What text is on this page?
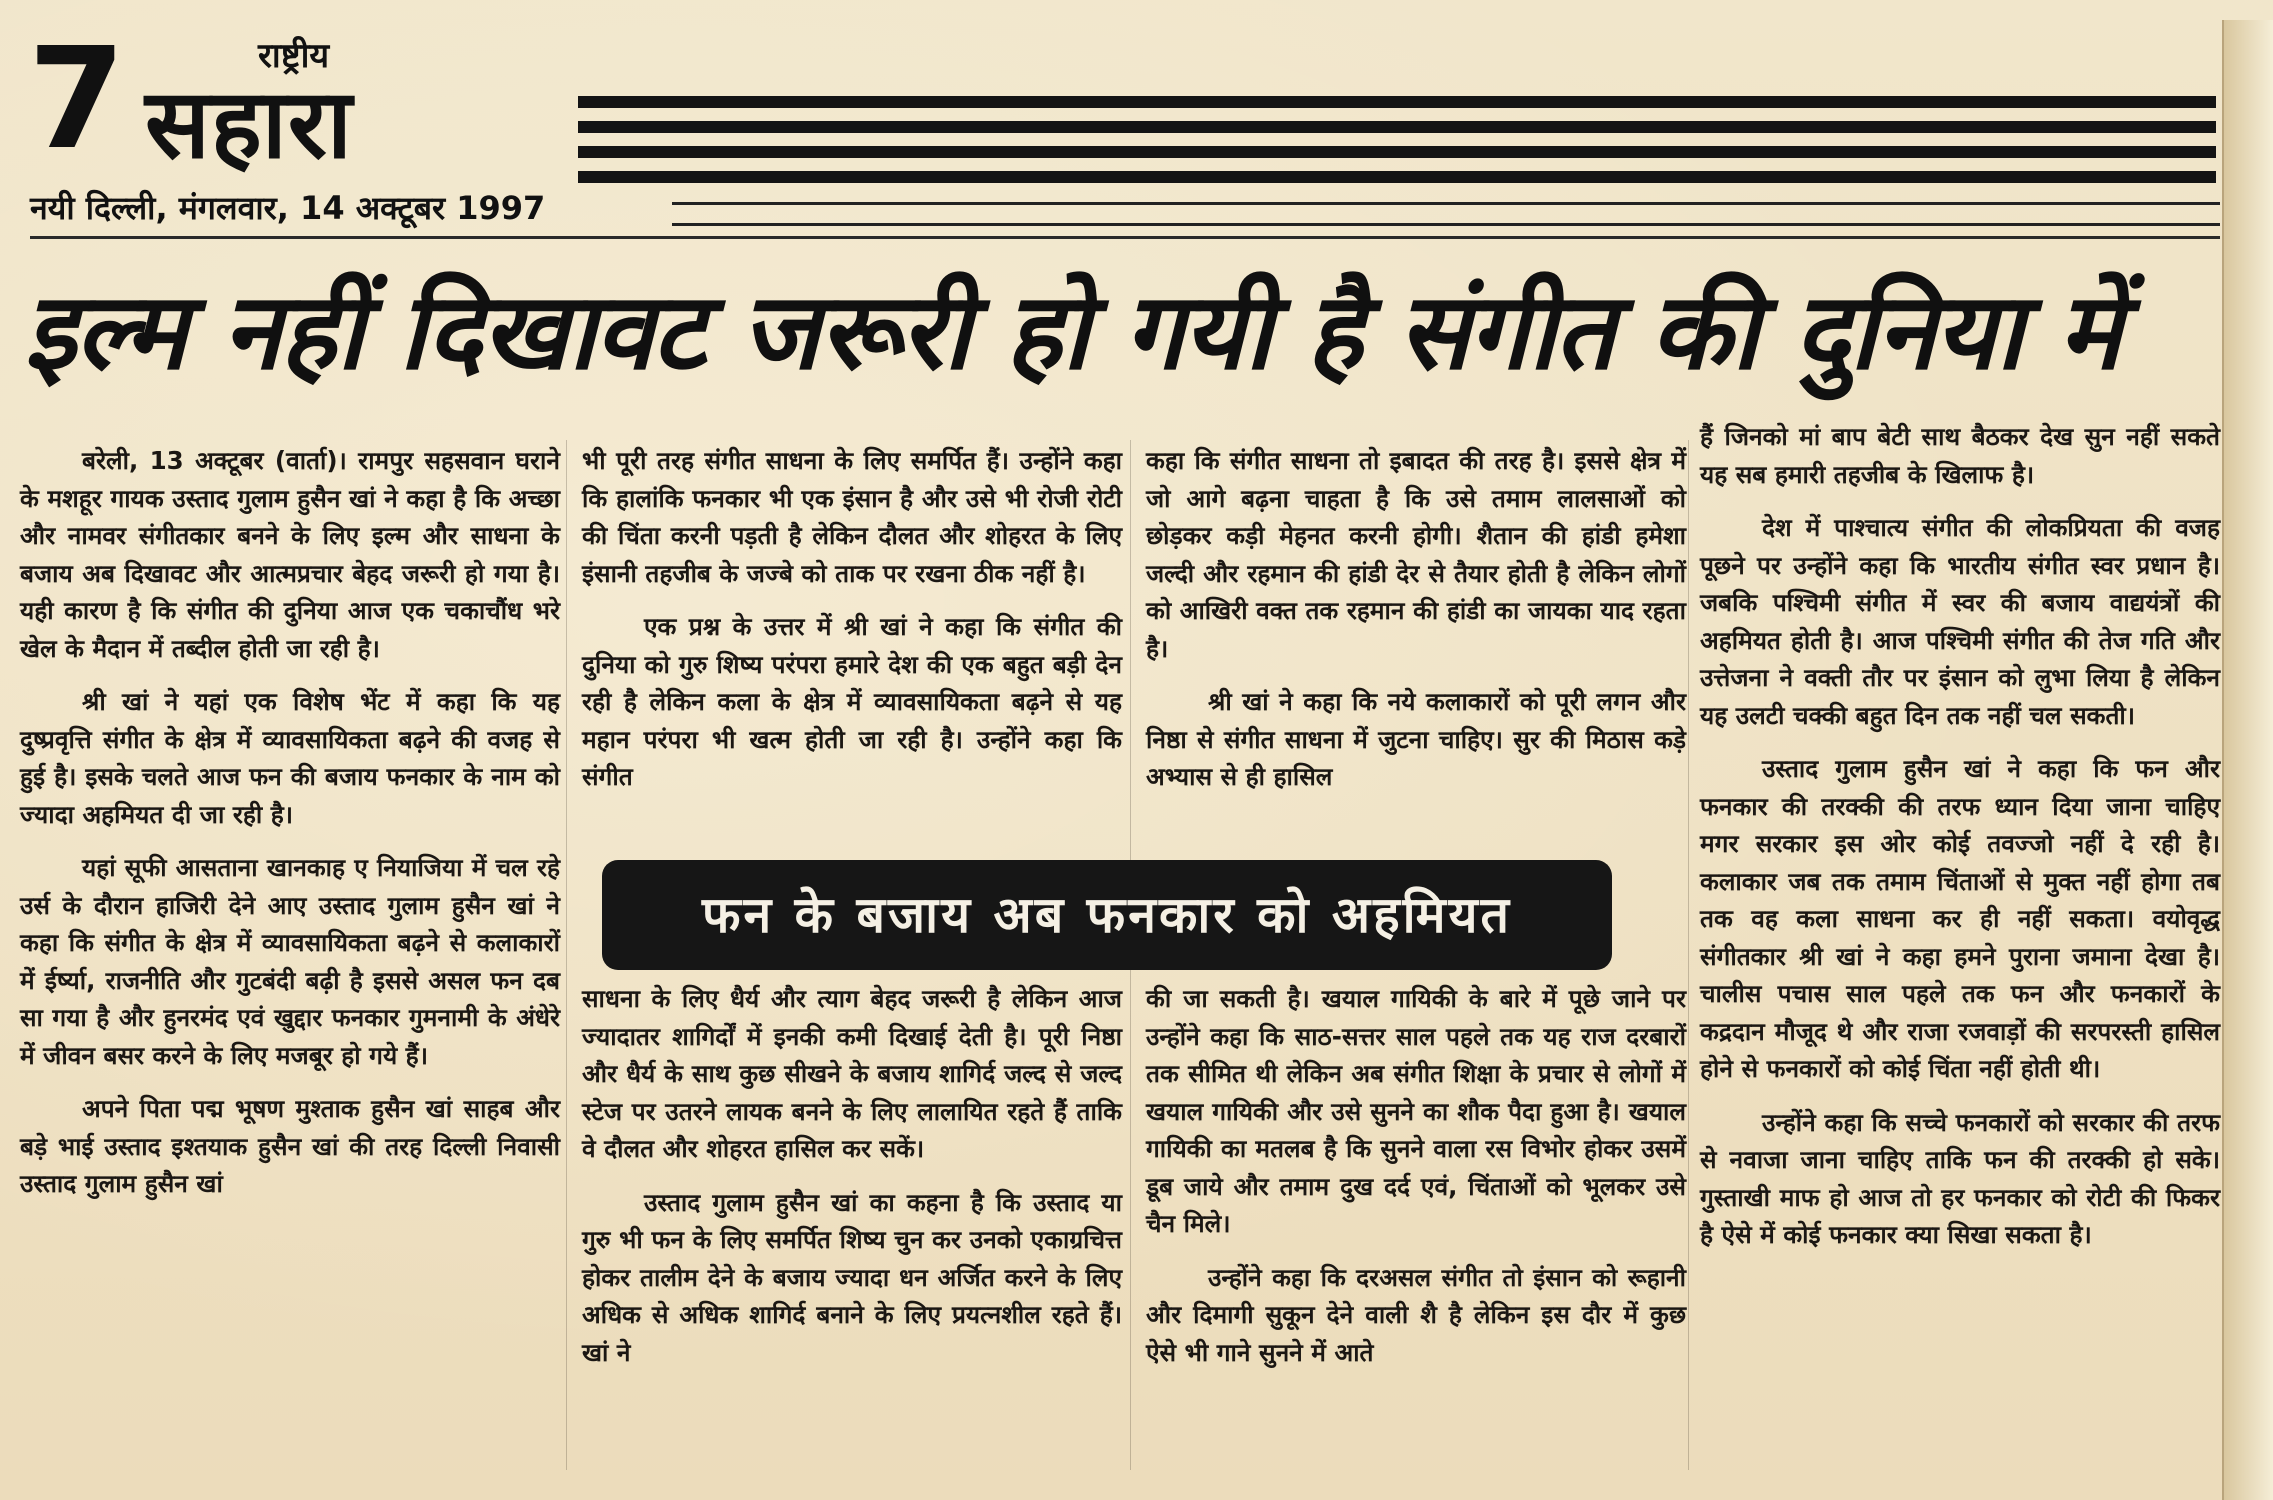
7	राष्ट्रीय
सहारा
नयी दिल्ली, मंगलवार, 14 अक्टूबर 1997
इल्म नहीं दिखावट जरूरी हो गयी है संगीत की दुनिया में

बरेली, 13 अक्टूबर (वार्ता)। रामपुर सहसवान घराने के मशहूर गायक उस्ताद गुलाम हुसैन खां ने कहा है कि अच्छा और नामवर संगीतकार बनने के लिए इल्म और साधना के बजाय अब दिखावट और आत्मप्रचार बेहद जरूरी हो गया है। यही कारण है कि संगीत की दुनिया आज एक चकाचौंध भरे खेल के मैदान में तब्दील होती जा रही है।

श्री खां ने यहां एक विशेष भेंट में कहा कि यह दुष्प्रवृत्ति संगीत के क्षेत्र में व्यावसायिकता बढ़ने की वजह से हुई है। इसके चलते आज फन की बजाय फनकार के नाम को ज्यादा अहमियत दी जा रही है।

यहां सूफी आसताना खानकाह ए नियाजिया में चल रहे उर्स के दौरान हाजिरी देने आए उस्ताद गुलाम हुसैन खां ने कहा कि संगीत के क्षेत्र में व्यावसायिकता बढ़ने से कलाकारों में ईर्ष्या, राजनीति और गुटबंदी बढ़ी है इससे असल फन दब सा गया है और हुनरमंद एवं खुद्दार फनकार गुमनामी के अंधेरे में जीवन बसर करने के लिए मजबूर हो गये हैं।

अपने पिता पद्म भूषण मुश्ताक हुसैन खां साहब और बड़े भाई उस्ताद इश्तयाक हुसैन खां की तरह दिल्ली निवासी उस्ताद गुलाम हुसैन खां

भी पूरी तरह संगीत साधना के लिए समर्पित हैं। उन्होंने कहा कि हालांकि फनकार भी एक इंसान है और उसे भी रोजी रोटी की चिंता करनी पड़ती है लेकिन दौलत और शोहरत के लिए इंसानी तहजीब के जज्बे को ताक पर रखना ठीक नहीं है।

एक प्रश्न के उत्तर में श्री खां ने कहा कि संगीत की दुनिया को गुरु शिष्य परंपरा हमारे देश की एक बहुत बड़ी देन रही है लेकिन कला के क्षेत्र में व्यावसायिकता बढ़ने से यह महान परंपरा भी खत्म होती जा रही है। उन्होंने कहा कि संगीत

साधना के लिए धैर्य और त्याग बेहद जरूरी है लेकिन आज ज्यादातर शागिर्दों में इनकी कमी दिखाई देती है। पूरी निष्ठा और धैर्य के साथ कुछ सीखने के बजाय शागिर्द जल्द से जल्द स्टेज पर उतरने लायक बनने के लिए लालायित रहते हैं ताकि वे दौलत और शोहरत हासिल कर सकें।

उस्ताद गुलाम हुसैन खां का कहना है कि उस्ताद या गुरु भी फन के लिए समर्पित शिष्य चुन कर उनको एकाग्रचित्त होकर तालीम देने के बजाय ज्यादा धन अर्जित करने के लिए अधिक से अधिक शागिर्द बनाने के लिए प्रयत्नशील रहते हैं। खां ने

कहा कि संगीत साधना तो इबादत की तरह है। इससे क्षेत्र में जो आगे बढ़ना चाहता है कि उसे तमाम लालसाओं को छोड़कर कड़ी मेहनत करनी होगी। शैतान की हांडी हमेशा जल्दी और रहमान की हांडी देर से तैयार होती है लेकिन लोगों को आखिरी वक्त तक रहमान की हांडी का जायका याद रहता है।

श्री खां ने कहा कि नये कलाकारों को पूरी लगन और निष्ठा से संगीत साधना में जुटना चाहिए। सुर की मिठास कड़े अभ्यास से ही हासिल

की जा सकती है। खयाल गायिकी के बारे में पूछे जाने पर उन्होंने कहा कि साठ-सत्तर साल पहले तक यह राज दरबारों तक सीमित थी लेकिन अब संगीत शिक्षा के प्रचार से लोगों में खयाल गायिकी और उसे सुनने का शौक पैदा हुआ है। खयाल गायिकी का मतलब है कि सुनने वाला रस विभोर होकर उसमें डूब जाये और तमाम दुख दर्द एवं, चिंताओं को भूलकर उसे चैन मिले।

उन्होंने कहा कि दरअसल संगीत तो इंसान को रूहानी और दिमागी सुकून देने वाली शै है लेकिन इस दौर में कुछ ऐसे भी गाने सुनने में आते

हैं जिनको मां बाप बेटी साथ बैठकर देख सुन नहीं सकते यह सब हमारी तहजीब के खिलाफ है।

देश में पाश्चात्य संगीत की लोकप्रियता की वजह पूछने पर उन्होंने कहा कि भारतीय संगीत स्वर प्रधान है। जबकि पश्चिमी संगीत में स्वर की बजाय वाद्ययंत्रों की अहमियत होती है। आज पश्चिमी संगीत की तेज गति और उत्तेजना ने वक्ती तौर पर इंसान को लुभा लिया है लेकिन यह उलटी चक्की बहुत दिन तक नहीं चल सकती।

उस्ताद गुलाम हुसैन खां ने कहा कि फन और फनकार की तरक्की की तरफ ध्यान दिया जाना चाहिए मगर सरकार इस ओर कोई तवज्जो नहीं दे रही है। कलाकार जब तक तमाम चिंताओं से मुक्त नहीं होगा तब तक वह कला साधना कर ही नहीं सकता। वयोवृद्ध संगीतकार श्री खां ने कहा हमने पुराना जमाना देखा है। चालीस पचास साल पहले तक फन और फनकारों के कद्रदान मौजूद थे और राजा रजवाड़ों की सरपरस्ती हासिल होने से फनकारों को कोई चिंता नहीं होती थी।

उन्होंने कहा कि सच्चे फनकारों को सरकार की तरफ से नवाजा जाना चाहिए ताकि फन की तरक्की हो सके। गुस्ताखी माफ हो आज तो हर फनकार को रोटी की फिकर है ऐसे में कोई फनकार क्या सिखा सकता है।

फन के बजाय अब फनकार को अहमियत
